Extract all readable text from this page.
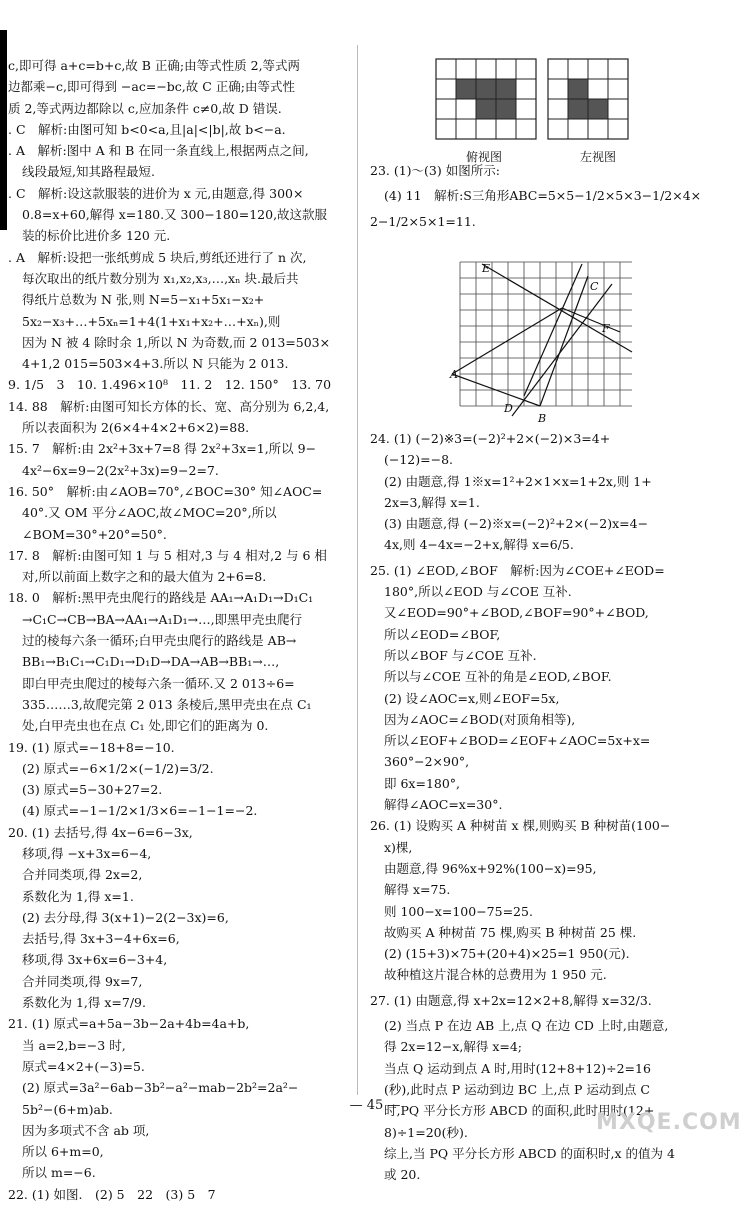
c,即可得 a+c=b+c,故 B 正确;由等式性质 2,等式两
边都乘−c,即可得到 −ac=−bc,故 C 正确;由等式性
质 2,等式两边都除以 c,应加条件 c≠0,故 D 错误.
. C　解析:由图可知 b<0<a,且|a|<|b|,故 b<−a.
. A　解析:图中 A 和 B 在同一条直线上,根据两点之间,
线段最短,知其路程最短.
. C　解析:设这款服装的进价为 x 元,由题意,得 300×
0.8=x+60,解得 x=180.又 300−180=120,故这款服
装的标价比进价多 120 元.
. A　解析:设把一张纸剪成 5 块后,剪纸还进行了 n 次,
每次取出的纸片数分别为 x₁,x₂,x₃,…,xₙ 块.最后共
得纸片总数为 N 张,则 N=5−x₁+5x₁−x₂+
5x₂−x₃+…+5xₙ=1+4(1+x₁+x₂+…+xₙ),则
因为 N 被 4 除时余 1,所以 N 为奇数,而 2 013=503×
4+1,2 015=503×4+3.所以 N 只能为 2 013.
9. 1/5　3　10. 1.496×10⁸　11. 2　12. 150°　13. 70
14. 88　解析:由图可知长方体的长、宽、高分别为 6,2,4,
所以表面积为 2(6×4+4×2+6×2)=88.
15. 7　解析:由 2x²+3x+7=8 得 2x²+3x=1,所以 9−
4x²−6x=9−2(2x²+3x)=9−2=7.
16. 50°　解析:由∠AOB=70°,∠BOC=30° 知∠AOC=
40°.又 OM 平分∠AOC,故∠MOC=20°,所以
∠BOM=30°+20°=50°.
17. 8　解析:由图可知 1 与 5 相对,3 与 4 相对,2 与 6 相
对,所以前面上数字之和的最大值为 2+6=8.
18. 0　解析:黑甲壳虫爬行的路线是 AA₁→A₁D₁→D₁C₁
→C₁C→CB→BA→AA₁→A₁D₁→…,即黑甲壳虫爬行
过的棱每六条一循环;白甲壳虫爬行的路线是 AB→
BB₁→B₁C₁→C₁D₁→D₁D→DA→AB→BB₁→…,
即白甲壳虫爬过的棱每六条一循环.又 2 013÷6=
335……3,故爬完第 2 013 条棱后,黑甲壳虫在点 C₁
处,白甲壳虫也在点 C₁ 处,即它们的距离为 0.
19. (1) 原式=−18+8=−10.
(2) 原式=−6×1/2×(−1/2)=3/2.
(3) 原式=5−30+27=2.
(4) 原式=−1−1/2×1/3×6=−1−1=−2.
20. (1) 去括号,得 4x−6=6−3x,
移项,得 −x+3x=6−4,
合并同类项,得 2x=2,
系数化为 1,得 x=1.
(2) 去分母,得 3(x+1)−2(2−3x)=6,
去括号,得 3x+3−4+6x=6,
移项,得 3x+6x=6−3+4,
合并同类项,得 9x=7,
系数化为 1,得 x=7/9.
21. (1) 原式=a+5a−3b−2a+4b=4a+b,
当 a=2,b=−3 时,
原式=4×2+(−3)=5.
(2) 原式=3a²−6ab−3b²−a²−mab−2b²=2a²−
5b²−(6+m)ab.
因为多项式不含 ab 项,
所以 6+m=0,
所以 m=−6.
22. (1) 如图.　(2) 5　22　(3) 5　7
俯视图	左视图
23. (1)～(3) 如图所示:
(4) 11　解析:S三角形ABC=5×5−1/2×5×3−1/2×4×
2−1/2×5×1=11.
E
C
F
A
D
B
24. (1) (−2)※3=(−2)²+2×(−2)×3=4+
(−12)=−8.
(2) 由题意,得 1※x=1²+2×1×x=1+2x,则 1+
2x=3,解得 x=1.
(3) 由题意,得 (−2)※x=(−2)²+2×(−2)x=4−
4x,则 4−4x=−2+x,解得 x=6/5.
25. (1) ∠EOD,∠BOF　解析:因为∠COE+∠EOD=
180°,所以∠EOD 与∠COE 互补.
又∠EOD=90°+∠BOD,∠BOF=90°+∠BOD,
所以∠EOD=∠BOF,
所以∠BOF 与∠COE 互补.
所以与∠COE 互补的角是∠EOD,∠BOF.
(2) 设∠AOC=x,则∠EOF=5x,
因为∠AOC=∠BOD(对顶角相等),
所以∠EOF+∠BOD=∠EOF+∠AOC=5x+x=
360°−2×90°,
即 6x=180°,
解得∠AOC=x=30°.
26. (1) 设购买 A 种树苗 x 棵,则购买 B 种树苗(100−
x)棵,
由题意,得 96%x+92%(100−x)=95,
解得 x=75.
则 100−x=100−75=25.
故购买 A 种树苗 75 棵,购买 B 种树苗 25 棵.
(2) (15+3)×75+(20+4)×25=1 950(元).
故种植这片混合林的总费用为 1 950 元.
27. (1) 由题意,得 x+2x=12×2+8,解得 x=32/3.
(2) 当点 P 在边 AB 上,点 Q 在边 CD 上时,由题意,
得 2x=12−x,解得 x=4;
当点 Q 运动到点 A 时,用时(12+8+12)÷2=16
(秒),此时点 P 运动到边 BC 上,点 P 运动到点 C
时,PQ 平分长方形 ABCD 的面积,此时用时(12+
8)÷1=20(秒).
综上,当 PQ 平分长方形 ABCD 的面积时,x 的值为 4
或 20.
— 45 —
MXQE.COM
